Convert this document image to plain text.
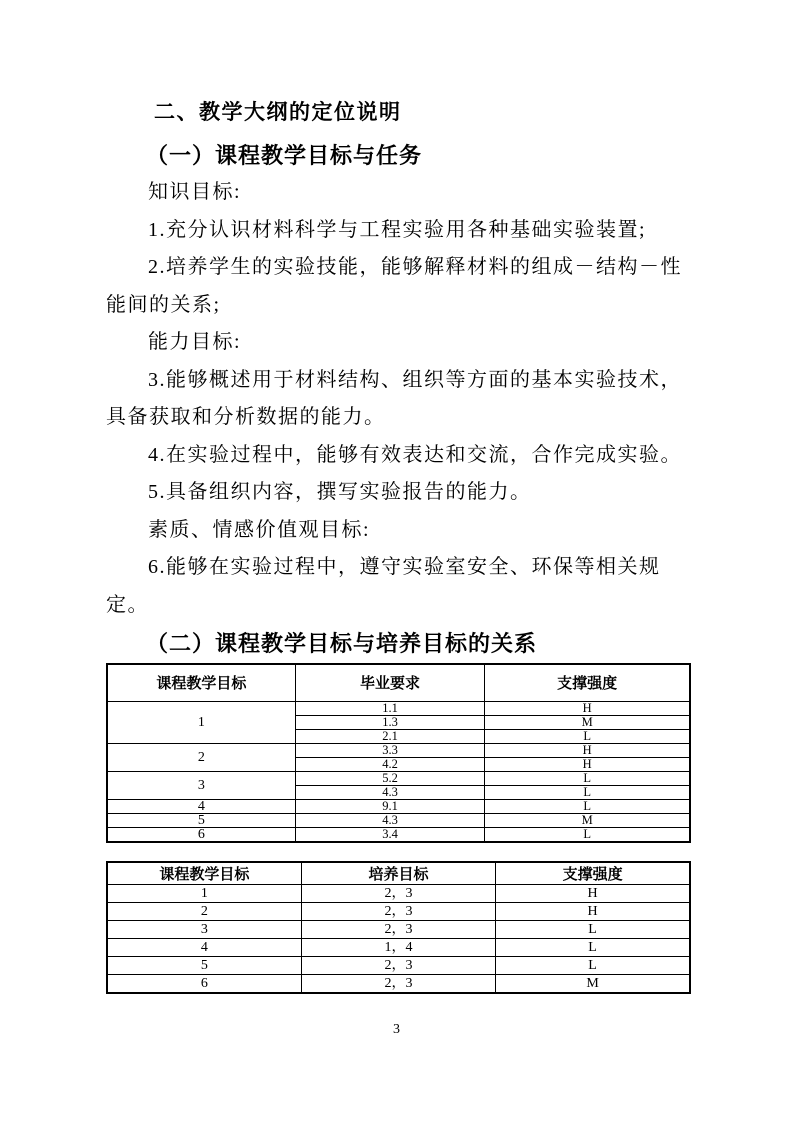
二、教学大纲的定位说明
（一）课程教学目标与任务

知识目标:

1.充分认识材料科学与工程实验用各种基础实验装置;

2.培养学生的实验技能，能够解释材料的组成－结构－性能间的关系;

能力目标:

3.能够概述用于材料结构、组织等方面的基本实验技术，具备获取和分析数据的能力。

4.在实验过程中，能够有效表达和交流，合作完成实验。

5.具备组织内容，撰写实验报告的能力。

素质、情感价值观目标:

6.能够在实验过程中，遵守实验室安全、环保等相关规定。

（二）课程教学目标与培养目标的关系
课程教学目标	毕业要求	支撑强度
1	1.1	H
	1.3	M
	2.1	L
2	3.3	H
	4.2	H
3	5.2	L
	4.3	L
4	9.1	L
5	4.3	M
6	3.4	L
课程教学目标	培养目标	支撑强度
1	2，3	H
2	2，3	H
3	2，3	L
4	1，4	L
5	2，3	L
6	2，3	M
3
